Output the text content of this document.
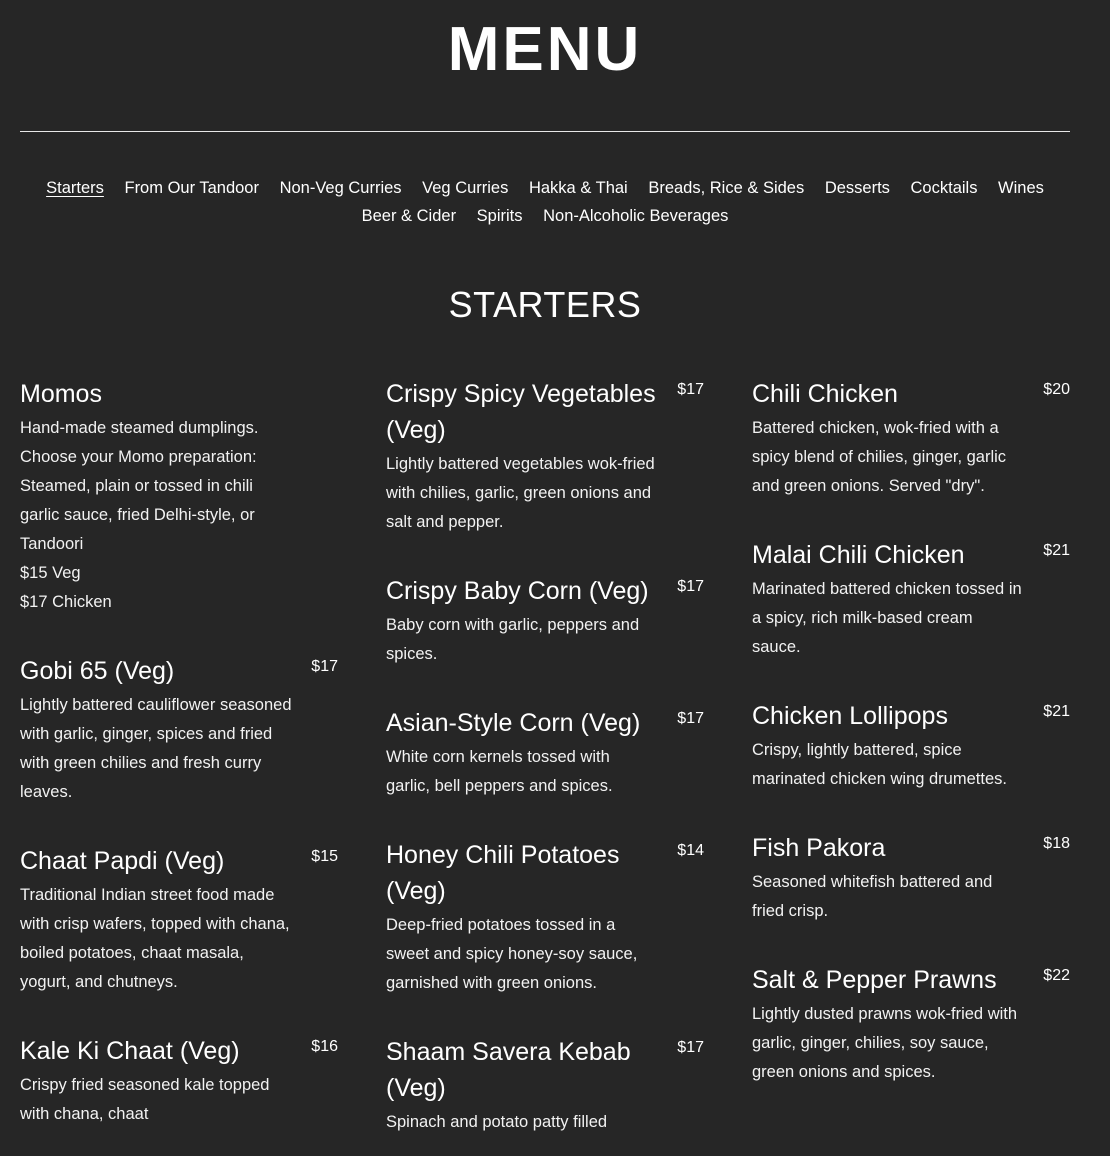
MENU
Starters From Our Tandoor Non-Veg Curries Veg Curries Hakka & Thai Breads, Rice & Sides Desserts Cocktails Wines Beer & Cider Spirits Non-Alcoholic Beverages
STARTERS
Momos

Hand-made steamed dumplings. Choose your Momo preparation: Steamed, plain or tossed in chili garlic sauce, fried Delhi-style, or Tandoori

$15 Veg

$17 Chicken

Gobi 65 (Veg)	$17

Lightly battered cauliflower seasoned with garlic, ginger, spices and fried with green chilies and fresh curry leaves.

Chaat Papdi (Veg)	$15

Traditional Indian street food made with crisp wafers, topped with chana, boiled potatoes, chaat masala, yogurt, and chutneys.

Kale Ki Chaat (Veg)	$16

Crispy fried seasoned kale topped with chana, chaat

Crispy Spicy Vegetables (Veg)
$17

Lightly battered vegetables wok-fried with chilies, garlic, green onions and salt and pepper.

Crispy Baby Corn (Veg)	$17

Baby corn with garlic, peppers and spices.

Asian-Style Corn (Veg)	$17

White corn kernels tossed with garlic, bell peppers and spices.

Honey Chili Potatoes (Veg)
$14

Deep-fried potatoes tossed in a sweet and spicy honey-soy sauce, garnished with green onions.

Shaam Savera Kebab (Veg)
$17

Spinach and potato patty filled

Chili Chicken	$20

Battered chicken, wok-fried with a spicy blend of chilies, ginger, garlic and green onions. Served "dry".

Malai Chili Chicken	$21

Marinated battered chicken tossed in a spicy, rich milk-based cream sauce.

Chicken Lollipops	$21

Crispy, lightly battered, spice marinated chicken wing drumettes.

Fish Pakora	$18

Seasoned whitefish battered and fried crisp.

Salt & Pepper Prawns	$22

Lightly dusted prawns wok-fried with garlic, ginger, chilies, soy sauce, green onions and spices.
